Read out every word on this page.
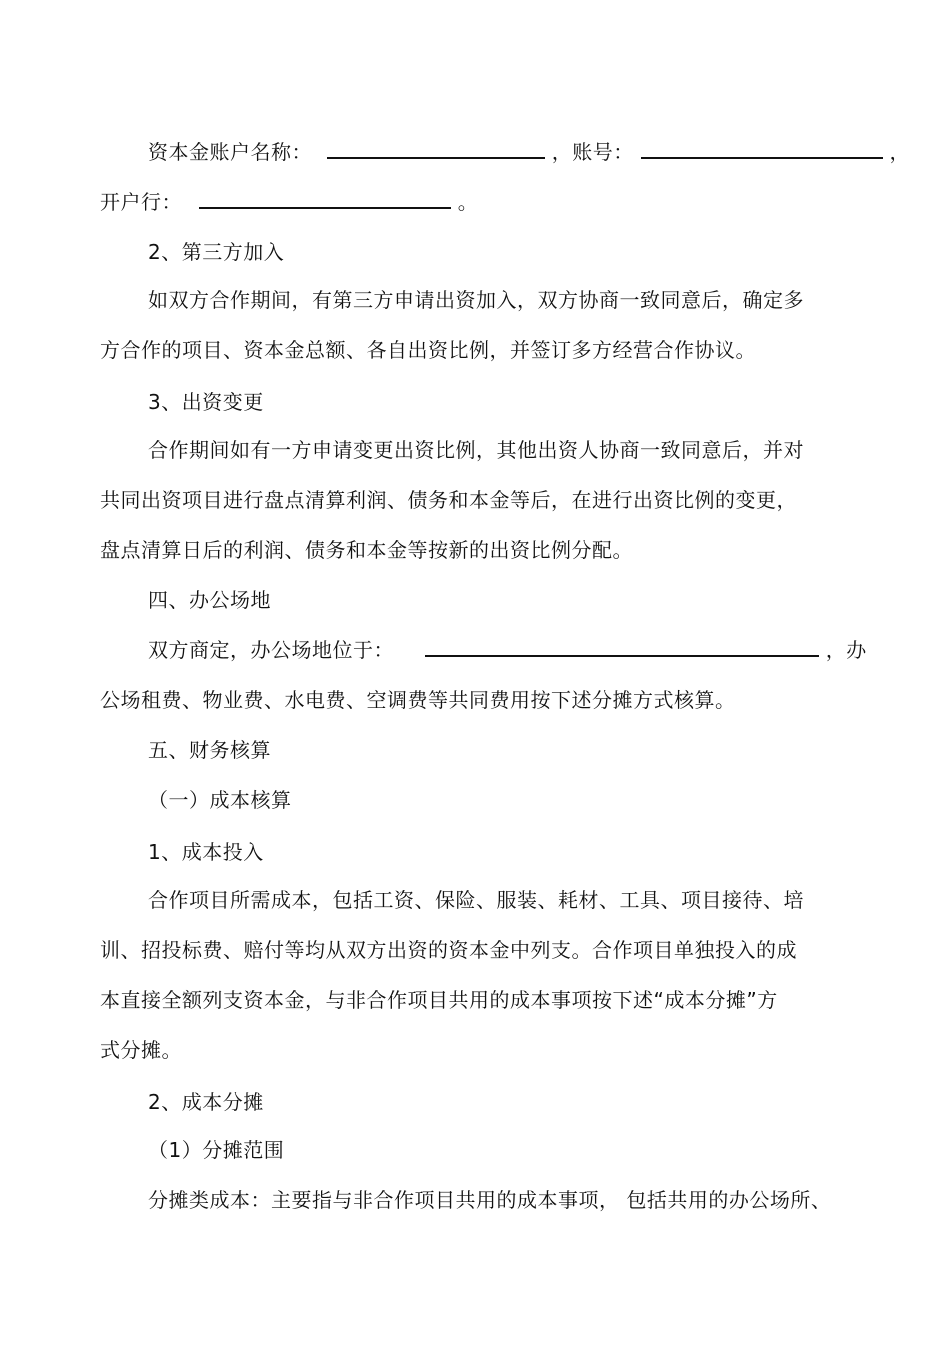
资本金账户名称：	，账号：	，
开户行：	。
2、第三方加入
如双方合作期间，有第三方申请出资加入，双方协商一致同意后，确定多
方合作的项目、资本金总额、各自出资比例，并签订多方经营合作协议。
3、出资变更
合作期间如有一方申请变更出资比例，其他出资人协商一致同意后，并对
共同出资项目进行盘点清算利润、债务和本金等后，在进行出资比例的变更，
盘点清算日后的利润、债务和本金等按新的出资比例分配。
四、办公场地
双方商定，办公场地位于：	，办
公场租费、物业费、水电费、空调费等共同费用按下述分摊方式核算。
五、财务核算
（一）成本核算
1、成本投入
合作项目所需成本，包括工资、保险、服装、耗材、工具、项目接待、培
训、招投标费、赔付等均从双方出资的资本金中列支。合作项目单独投入的成
本直接全额列支资本金，与非合作项目共用的成本事项按下述“成本分摊”方
式分摊。
2、成本分摊
（1）分摊范围
分摊类成本：主要指与非合作项目共用的成本事项， 包括共用的办公场所、
